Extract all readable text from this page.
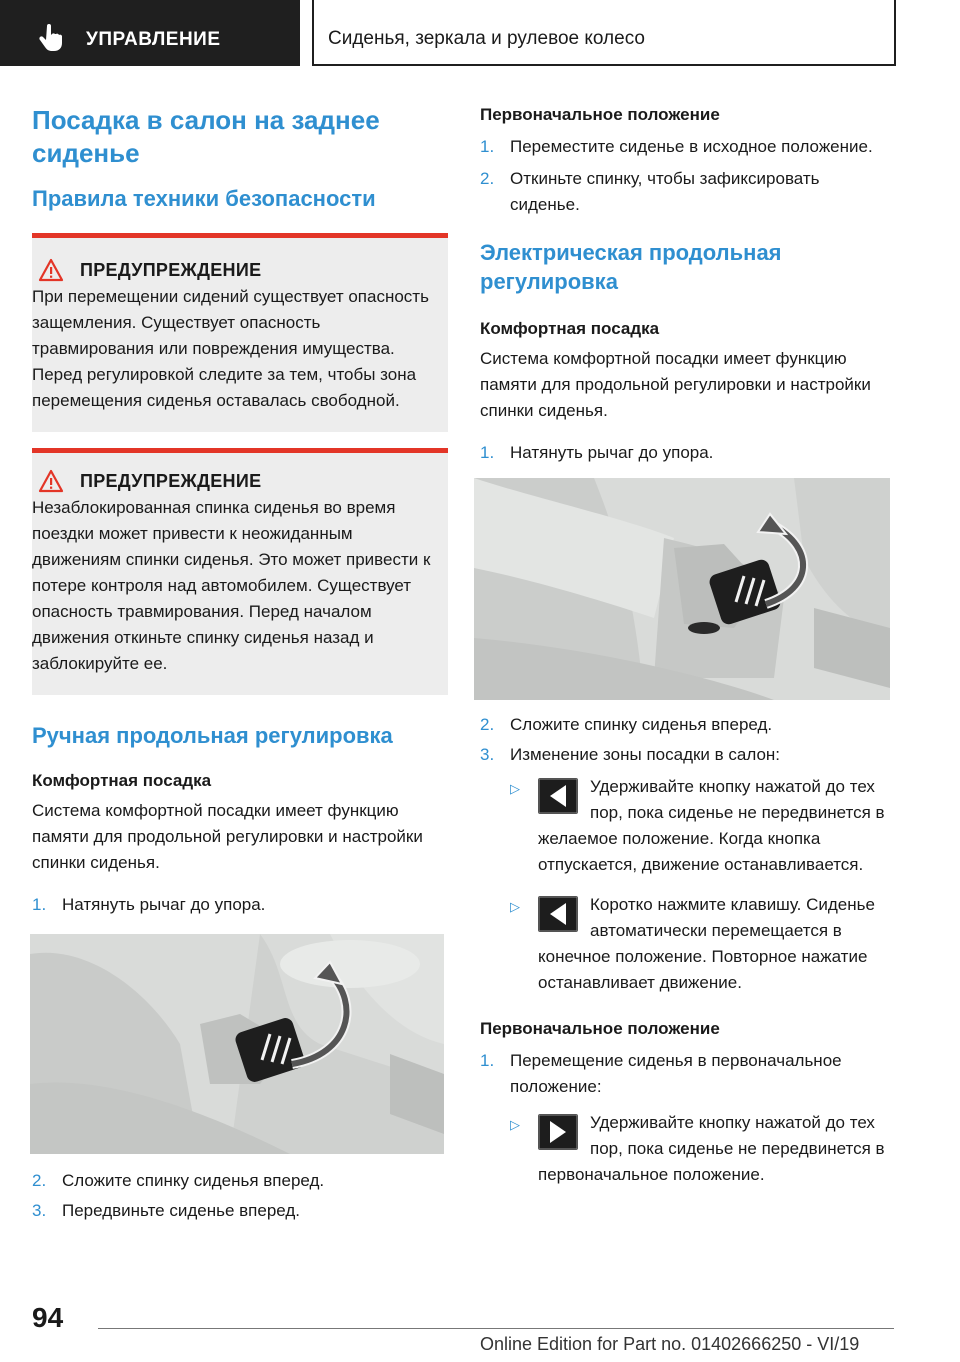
УПРАВЛЕНИЕ	Сиденья, зеркала и рулевое колесо
Посадка в салон на заднее сиденье
Правила техники безопасности
ПРЕДУПРЕЖДЕНИЕ
При перемещении сидений существует опасность защемления. Существует опасность травмирования или повреждения имущества. Перед регулировкой следите за тем, чтобы зона перемещения сиденья оставалась свободной.
ПРЕДУПРЕЖДЕНИЕ
Незаблокированная спинка сиденья во время поездки может привести к неожиданным движениям спинки сиденья. Это может привести к потере контроля над автомобилем. Существует опасность травмирования. Перед началом движения откиньте спинку сиденья назад и заблокируйте ее.
Ручная продольная регулировка
Комфортная посадка
Система комфортной посадки имеет функцию памяти для продольной регулировки и настройки спинки сиденья.
1. Натянуть рычаг до упора.
2. Сложите спинку сиденья вперед.
3. Передвиньте сиденье вперед.
Первоначальное положение
1. Переместите сиденье в исходное положение.
2. Откиньте спинку, чтобы зафиксировать сиденье.
Электрическая продольная регулировка
Комфортная посадка
Система комфортной посадки имеет функцию памяти для продольной регулировки и настройки спинки сиденья.
1. Натянуть рычаг до упора.
2. Сложите спинку сиденья вперед.
3. Изменение зоны посадки в салон:
▷	Удерживайте кнопку нажатой до тех пор, пока сиденье не передвинется в желаемое положение. Когда кнопка отпускается, движение останавливается.
▷	Коротко нажмите клавишу. Сиденье автоматически перемещается в конечное положение. Повторное нажатие останавливает движение.
Первоначальное положение
1. Перемещение сиденья в первоначальное положение:
▷	Удерживайте кнопку нажатой до тех пор, пока сиденье не передвинется в первоначальное положение.
94
Online Edition for Part no. 01402666250 - VI/19
